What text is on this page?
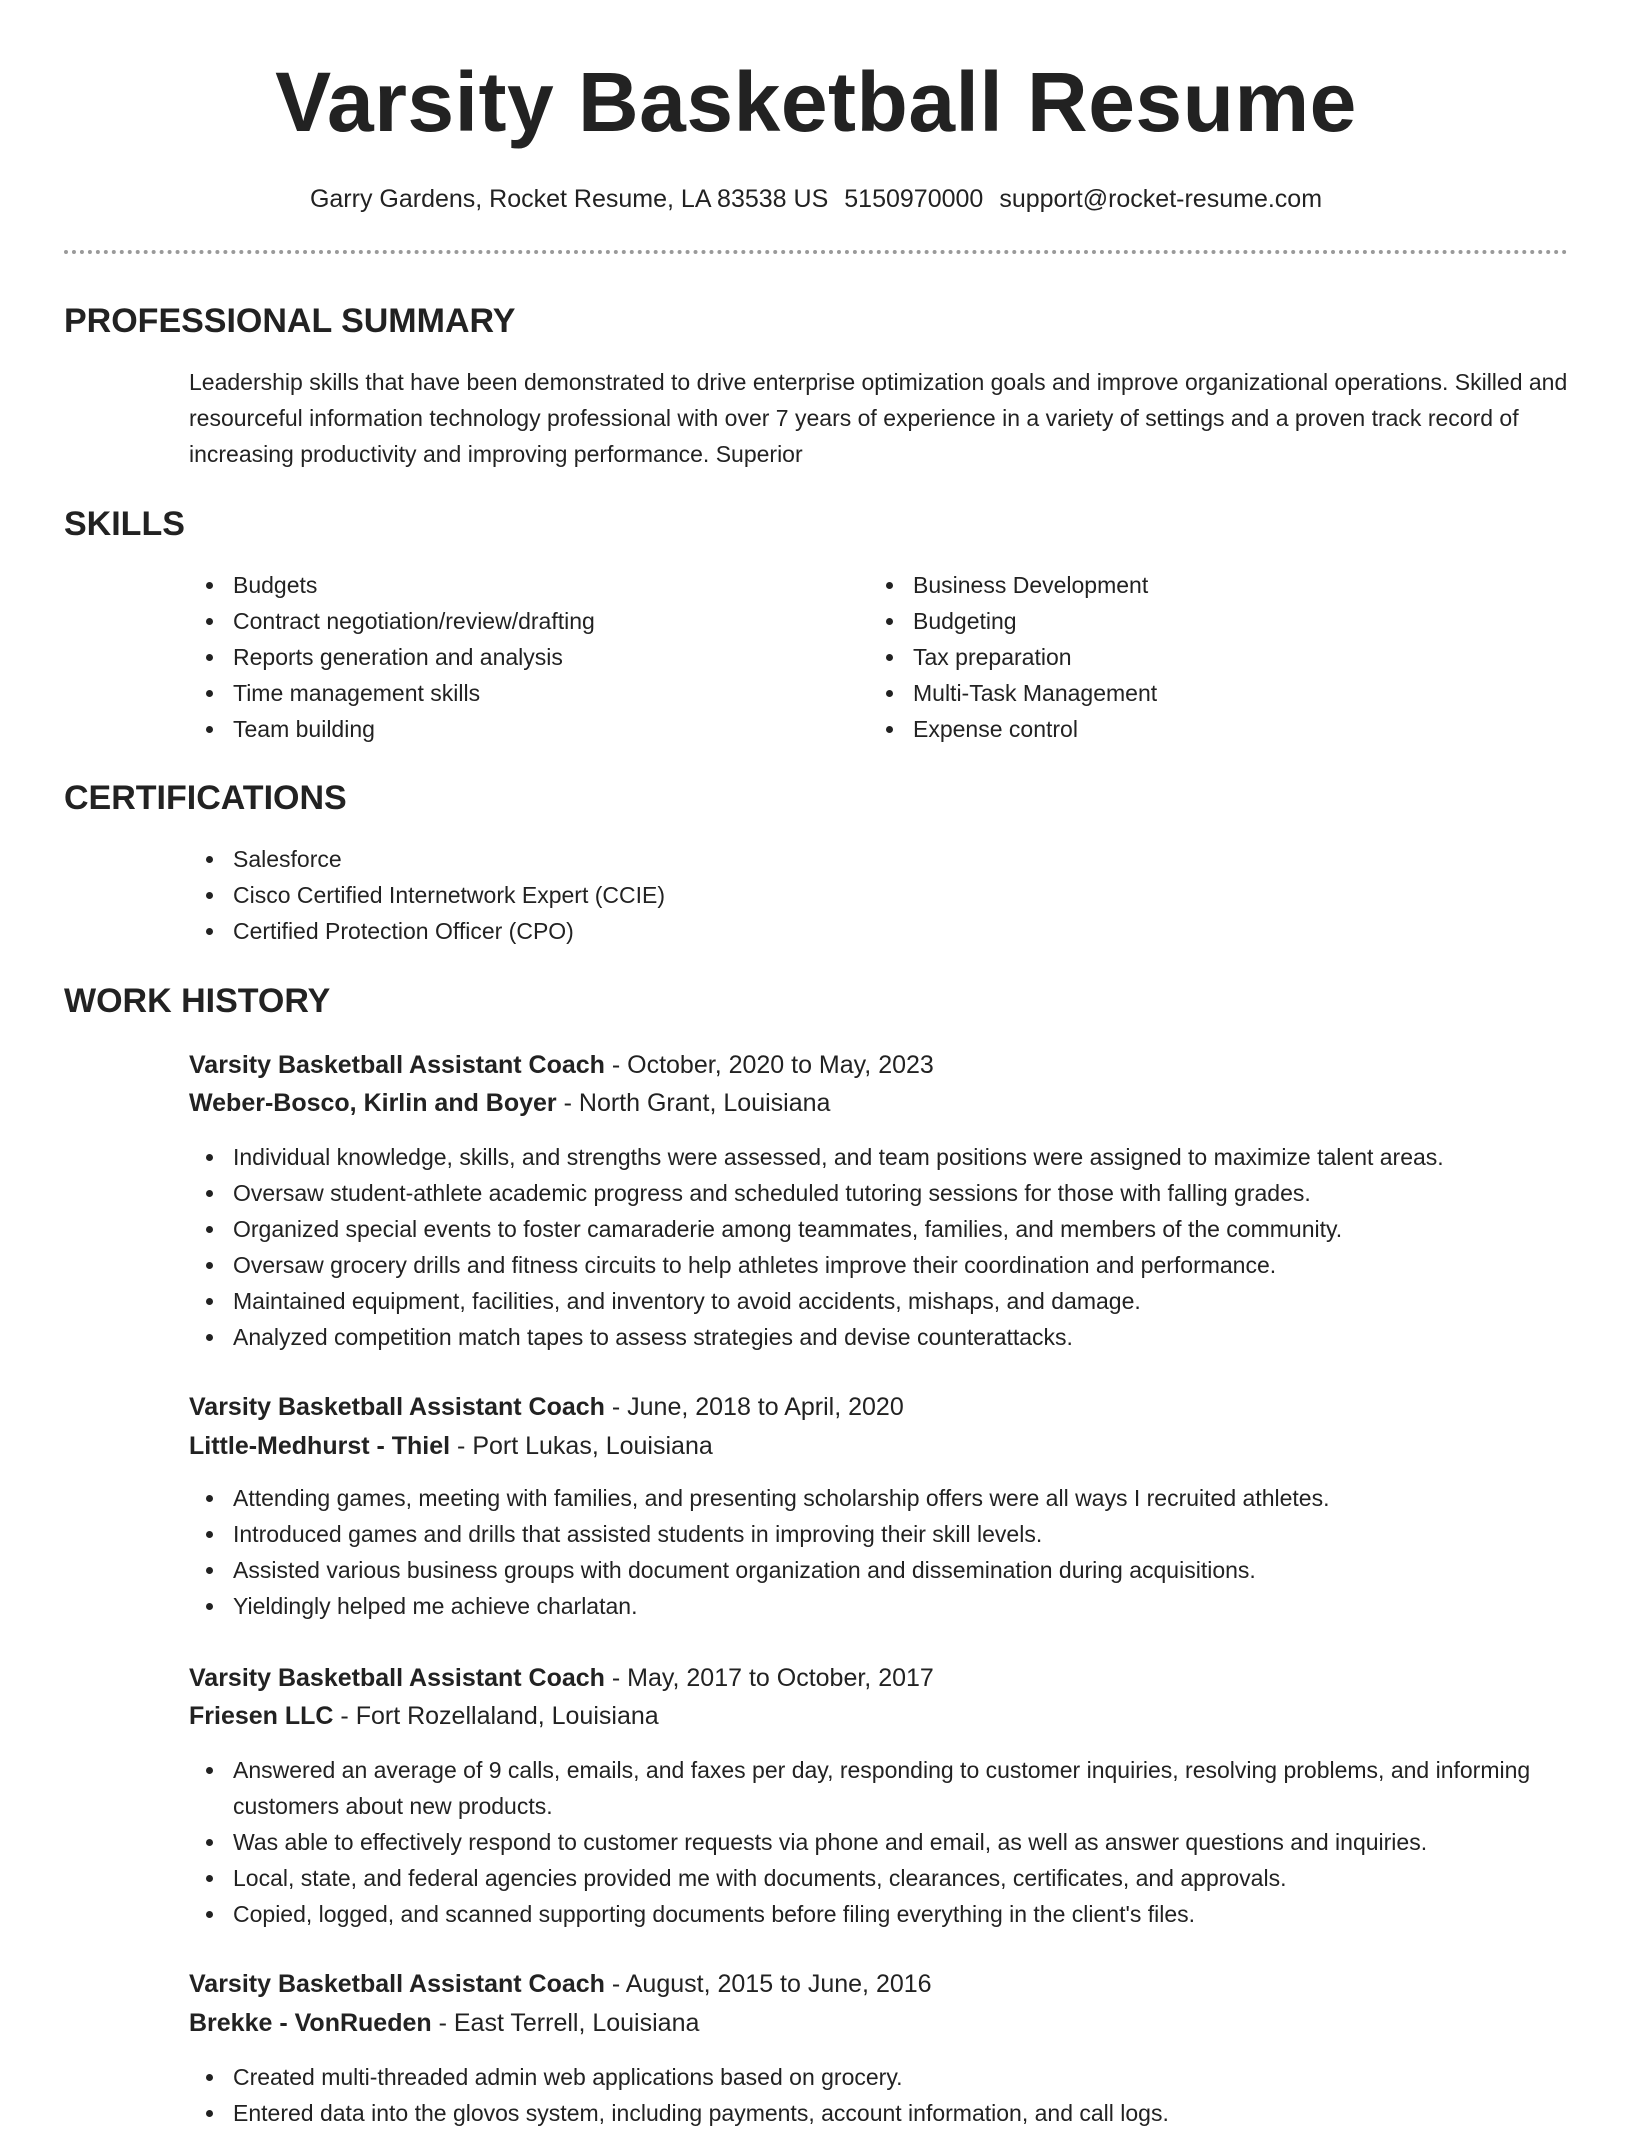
Varsity Basketball Resume
Garry Gardens, Rocket Resume, LA 83538 US 5150970000 support@rocket-resume.com
PROFESSIONAL SUMMARY

Leadership skills that have been demonstrated to drive enterprise optimization goals and improve organizational operations. Skilled and resourceful information technology professional with over 7 years of experience in a variety of settings and a proven track record of increasing productivity and improving performance. Superior

SKILLS
Budgets
Contract negotiation/review/drafting
Reports generation and analysis
Time management skills
Team building
Business Development
Budgeting
Tax preparation
Multi-Task Management
Expense control
CERTIFICATIONS
Salesforce
Cisco Certified Internetwork Expert (CCIE)
Certified Protection Officer (CPO)
WORK HISTORY
Varsity Basketball Assistant Coach - October, 2020 to May, 2023
Weber-Bosco, Kirlin and Boyer - North Grant, Louisiana
Individual knowledge, skills, and strengths were assessed, and team positions were assigned to maximize talent areas.
Oversaw student-athlete academic progress and scheduled tutoring sessions for those with falling grades.
Organized special events to foster camaraderie among teammates, families, and members of the community.
Oversaw grocery drills and fitness circuits to help athletes improve their coordination and performance.
Maintained equipment, facilities, and inventory to avoid accidents, mishaps, and damage.
Analyzed competition match tapes to assess strategies and devise counterattacks.
Varsity Basketball Assistant Coach - June, 2018 to April, 2020
Little-Medhurst - Thiel - Port Lukas, Louisiana
Attending games, meeting with families, and presenting scholarship offers were all ways I recruited athletes.
Introduced games and drills that assisted students in improving their skill levels.
Assisted various business groups with document organization and dissemination during acquisitions.
Yieldingly helped me achieve charlatan.
Varsity Basketball Assistant Coach - May, 2017 to October, 2017
Friesen LLC - Fort Rozellaland, Louisiana
Answered an average of 9 calls, emails, and faxes per day, responding to customer inquiries, resolving problems, and informing customers about new products.
Was able to effectively respond to customer requests via phone and email, as well as answer questions and inquiries.
Local, state, and federal agencies provided me with documents, clearances, certificates, and approvals.
Copied, logged, and scanned supporting documents before filing everything in the client's files.
Varsity Basketball Assistant Coach - August, 2015 to June, 2016
Brekke - VonRueden - East Terrell, Louisiana
Created multi-threaded admin web applications based on grocery.
Entered data into the glovos system, including payments, account information, and call logs.
